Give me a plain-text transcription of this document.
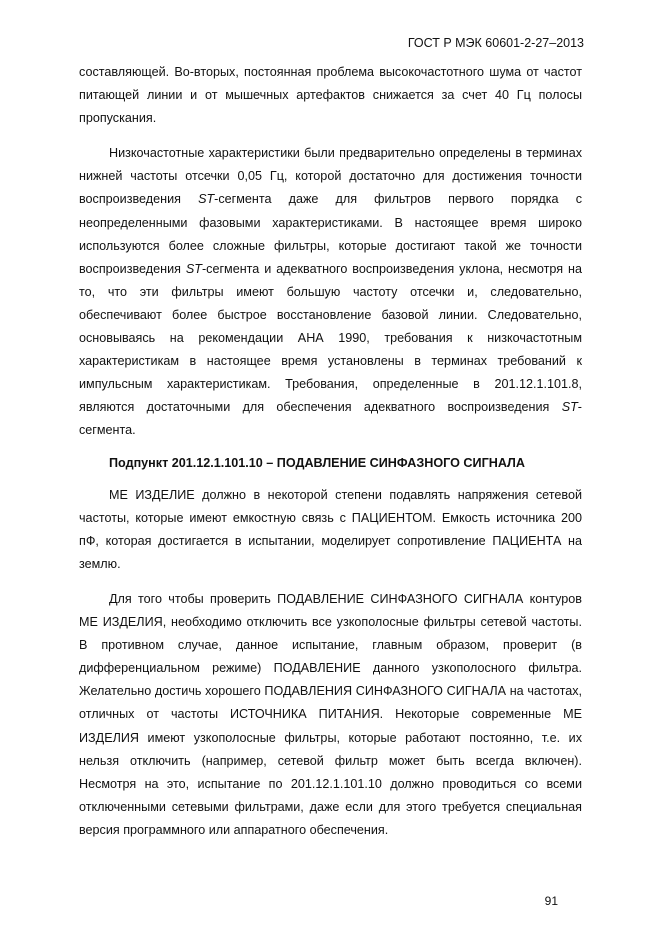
ГОСТ Р МЭК 60601-2-27–2013

составляющей. Во-вторых, постоянная проблема высокочастотного шума от частот питающей линии и от мышечных артефактов снижается за счет 40 Гц полосы пропускания.

Низкочастотные характеристики были предварительно определены в терминах нижней частоты отсечки 0,05 Гц, которой достаточно для достижения точности воспроизведения ST-сегмента даже для фильтров первого порядка с неопределенными фазовыми характеристиками. В настоящее время широко используются более сложные фильтры, которые достигают такой же точности воспроизведения ST-сегмента и адекватного воспроизведения уклона, несмотря на то, что эти фильтры имеют большую частоту отсечки и, следовательно, обеспечивают более быстрое восстановление базовой линии. Следовательно, основываясь на рекомендации АНА 1990, требования к низкочастотным характеристикам в настоящее время установлены в терминах требований к импульсным характеристикам. Требования, определенные в 201.12.1.101.8, являются достаточными для обеспечения адекватного воспроизведения ST-сегмента.

Подпункт 201.12.1.101.10 – ПОДАВЛЕНИЕ СИНФАЗНОГО СИГНАЛА

МЕ ИЗДЕЛИЕ должно в некоторой степени подавлять напряжения сетевой частоты, которые имеют емкостную связь с ПАЦИЕНТОМ. Емкость источника 200 пФ, которая достигается в испытании, моделирует сопротивление ПАЦИЕНТА на землю.

Для того чтобы проверить ПОДАВЛЕНИЕ СИНФАЗНОГО СИГНАЛА контуров МЕ ИЗДЕЛИЯ, необходимо отключить все узкополосные фильтры сетевой частоты. В противном случае, данное испытание, главным образом, проверит (в дифференциальном режиме) ПОДАВЛЕНИЕ данного узкополосного фильтра. Желательно достичь хорошего ПОДАВЛЕНИЯ СИНФАЗНОГО СИГНАЛА на частотах, отличных от частоты ИСТОЧНИКА ПИТАНИЯ. Некоторые современные МЕ ИЗДЕЛИЯ имеют узкополосные фильтры, которые работают постоянно, т.е. их нельзя отключить (например, сетевой фильтр может быть всегда включен). Несмотря на это, испытание по 201.12.1.101.10 должно проводиться со всеми отключенными сетевыми фильтрами, даже если для этого требуется специальная версия программного или аппаратного обеспечения.

91
